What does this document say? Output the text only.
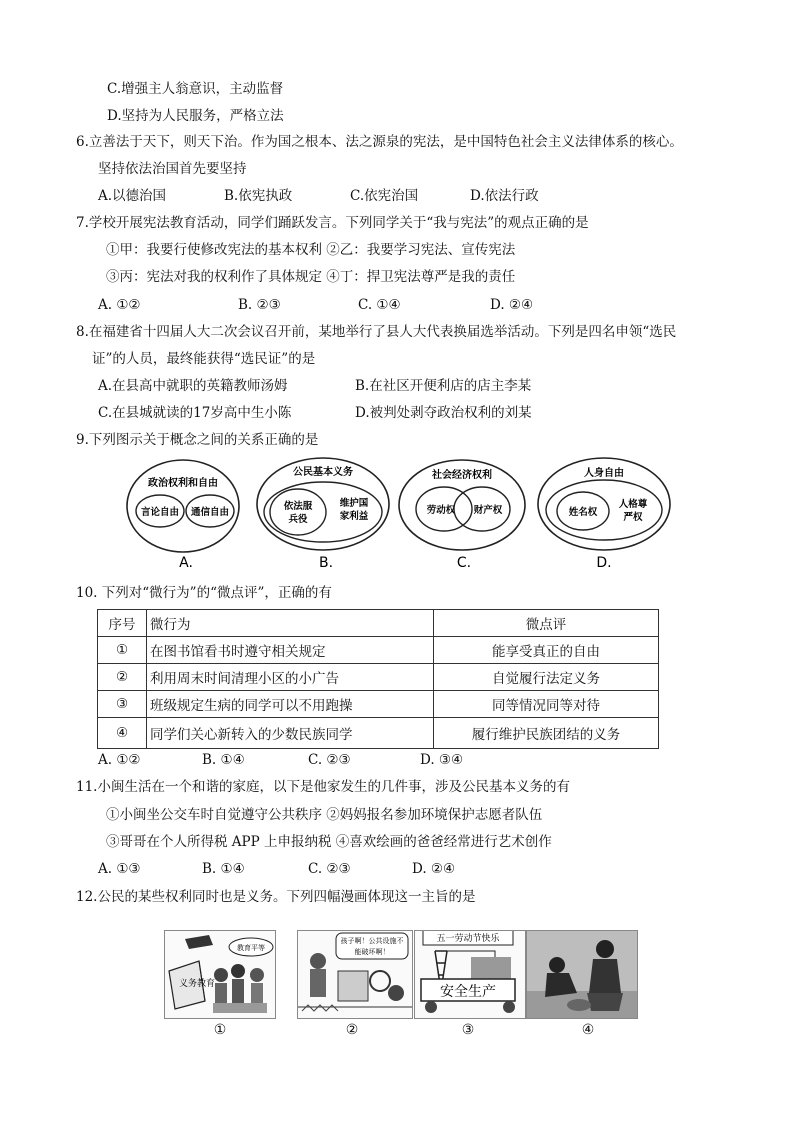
C.增强主人翁意识，主动监督
D.坚持为人民服务，严格立法
6.立善法于天下，则天下治。作为国之根本、法之源泉的宪法，是中国特色社会主义法律体系的核心。
坚持依法治国首先要坚持
A.以德治国	B.依宪执政	C.依宪治国	D.依法行政
7.学校开展宪法教育活动，同学们踊跃发言。下列同学关于“我与宪法”的观点正确的是
①甲：我要行使修改宪法的基本权利 ②乙：我要学习宪法、宣传宪法
③丙：宪法对我的权利作了具体规定 ④丁：捍卫宪法尊严是我的责任
A. ①②	B. ②③	C. ①④	D. ②④
8.在福建省十四届人大二次会议召开前，某地举行了县人大代表换届选举活动。下列是四名申领“选民
证”的人员，最终能获得“选民证”的是
A.在县高中就职的英籍教师汤姆	B.在社区开便利店的店主李某
C.在县城就读的17岁高中生小陈	D.被判处剥夺政治权利的刘某
9.下列图示关于概念之间的关系正确的是
政治权利和自由
言论自由 通信自由
A.
公民基本义务
依法服
兵役
维护国
家利益
B.
社会经济权利
劳动权 财产权
C.
人身自由
姓名权
人格尊
严权
D.
10. 下列对“微行为”的“微点评”，正确的有
序号	微行为	微点评
①	在图书馆看书时遵守相关规定	能享受真正的自由
②	利用周末时间清理小区的小广告	自觉履行法定义务
③	班级规定生病的同学可以不用跑操	同等情况同等对待
④	同学们关心新转入的少数民族同学	履行维护民族团结的义务
A. ①②	B. ①④	C. ②③	D. ③④
11.小闽生活在一个和谐的家庭，以下是他家发生的几件事，涉及公民基本义务的有
①小闽坐公交车时自觉遵守公共秩序 ②妈妈报名参加环境保护志愿者队伍
③哥哥在个人所得税 APP 上申报纳税 ④喜欢绘画的爸爸经常进行艺术创作
A. ①③	B. ①④	C. ②③	D. ②④
12.公民的某些权利同时也是义务。下列四幅漫画体现这一主旨的是
义务教育
教育平等
①
孩子啊！公共设施不
能破坏啊！
②
五一劳动节快乐
安全生产
③	④
